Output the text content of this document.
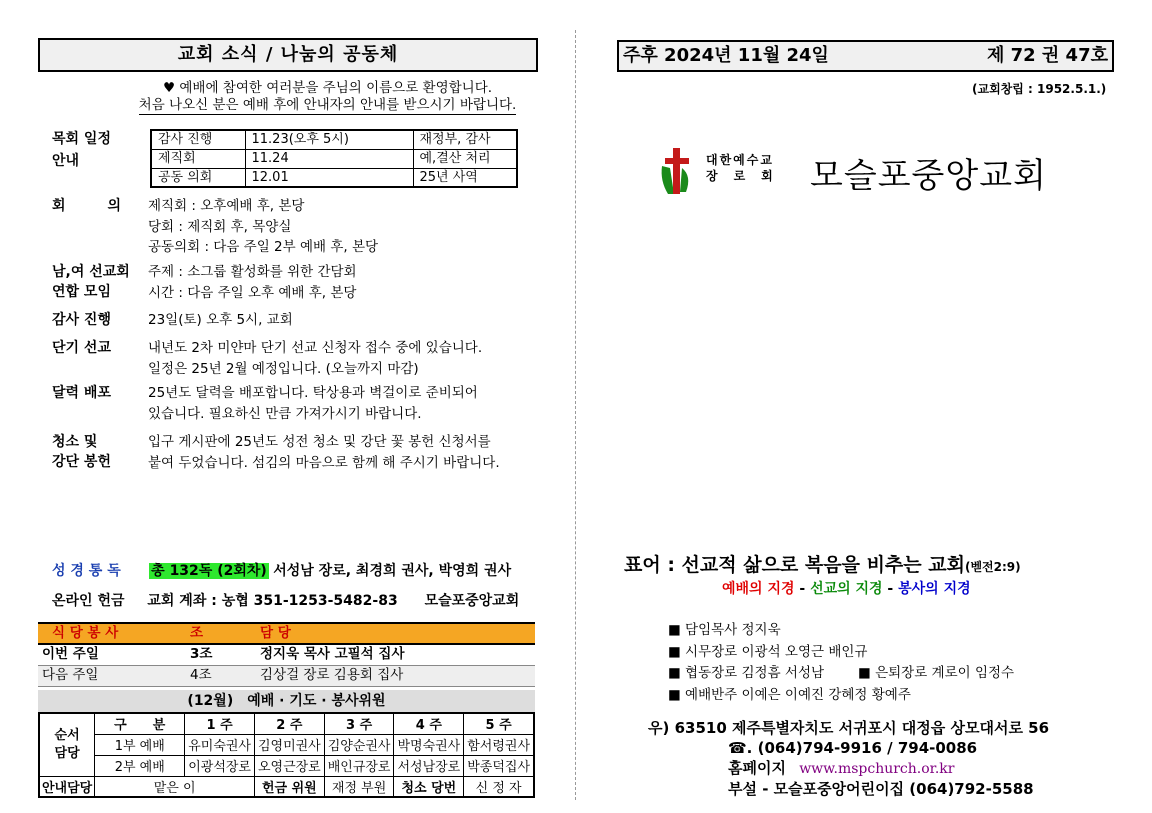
교회 소식 / 나눔의 공동체
♥ 예배에 참여한 여러분을 주님의 이름으로 환영합니다.
처음 나오신 분은 예배 후에 안내자의 안내를 받으시기 바랍니다.
목회 일정
안내
감사 진행	11.23(오후 5시)	재정부, 감사
제직회	11.24	예,결산 처리
공동 의회	12.01	25년 사역
회　　　의 제직회 : 오후예배 후, 본당
당회 : 제직회 후, 목양실
공동의회 : 다음 주일 2부 예배 후, 본당
남,여 선교회
연합 모임
주제 : 소그룹 활성화를 위한 간담회
시간 : 다음 주일 오후 예배 후, 본당
감사 진행	23일(토) 오후 5시, 교회
단기 선교	내년도 2차 미얀마 단기 선교 신청자 접수 중에 있습니다.
일정은 25년 2월 예정입니다. (오늘까지 마감)
달력 배포	25년도 달력을 배포합니다. 탁상용과 벽걸이로 준비되어
있습니다. 필요하신 만큼 가져가시기 바랍니다.
청소 및
강단 봉헌
입구 게시판에 25년도 성전 청소 및 강단 꽃 봉헌 신청서를
붙여 두었습니다. 섬김의 마음으로 함께 해 주시기 바랍니다.
성 경 통 독 총 132독 (2회차) 서성남 장로, 최경희 권사, 박영희 권사
온라인 헌금 교회 계좌 : 농협 351-1253-5482-83 모슬포중앙교회
식 당 봉 사	조	담 당
이번 주일	3조	정지욱 목사 고필석 집사
다음 주일	4조	김상걸 장로 김용회 집사
(12월)　예배 · 기도 · 봉사위원
순서
담당	구　　분	1 주	2 주	3 주	4 주	5 주
	1부 예배	유미숙권사	김영미권사	김양순권사	박명숙권사	함서령권사
	2부 예배	이광석장로	오영근장로	배인규장로	서성남장로	박종덕집사
안내담당	맡은 이		헌금 위원	재정 부원	청소 당번	신 정 자
주후 2024년 11월 24일	제 72 권 47호
(교회창립 : 1952.5.1.)
대한예수교
장　로　회 모슬포중앙교회
표어 : 선교적 삶으로 복음을 비추는 교회(벧전2:9)
예배의 지경 - 선교의 지경 - 봉사의 지경
■ 담임목사 정지욱
■ 시무장로 이광석 오영근 배인규
■ 협동장로 김정흠 서성남	■ 은퇴장로 계로이 임정수
■ 예배반주 이예은 이예진 강혜정 황예주
우) 63510 제주특별자치도 서귀포시 대정읍 상모대서로 56
☎. (064)794-9916 / 794-0086
홈페이지 www.mspchurch.or.kr
부설 - 모슬포중앙어린이집 (064)792-5588
